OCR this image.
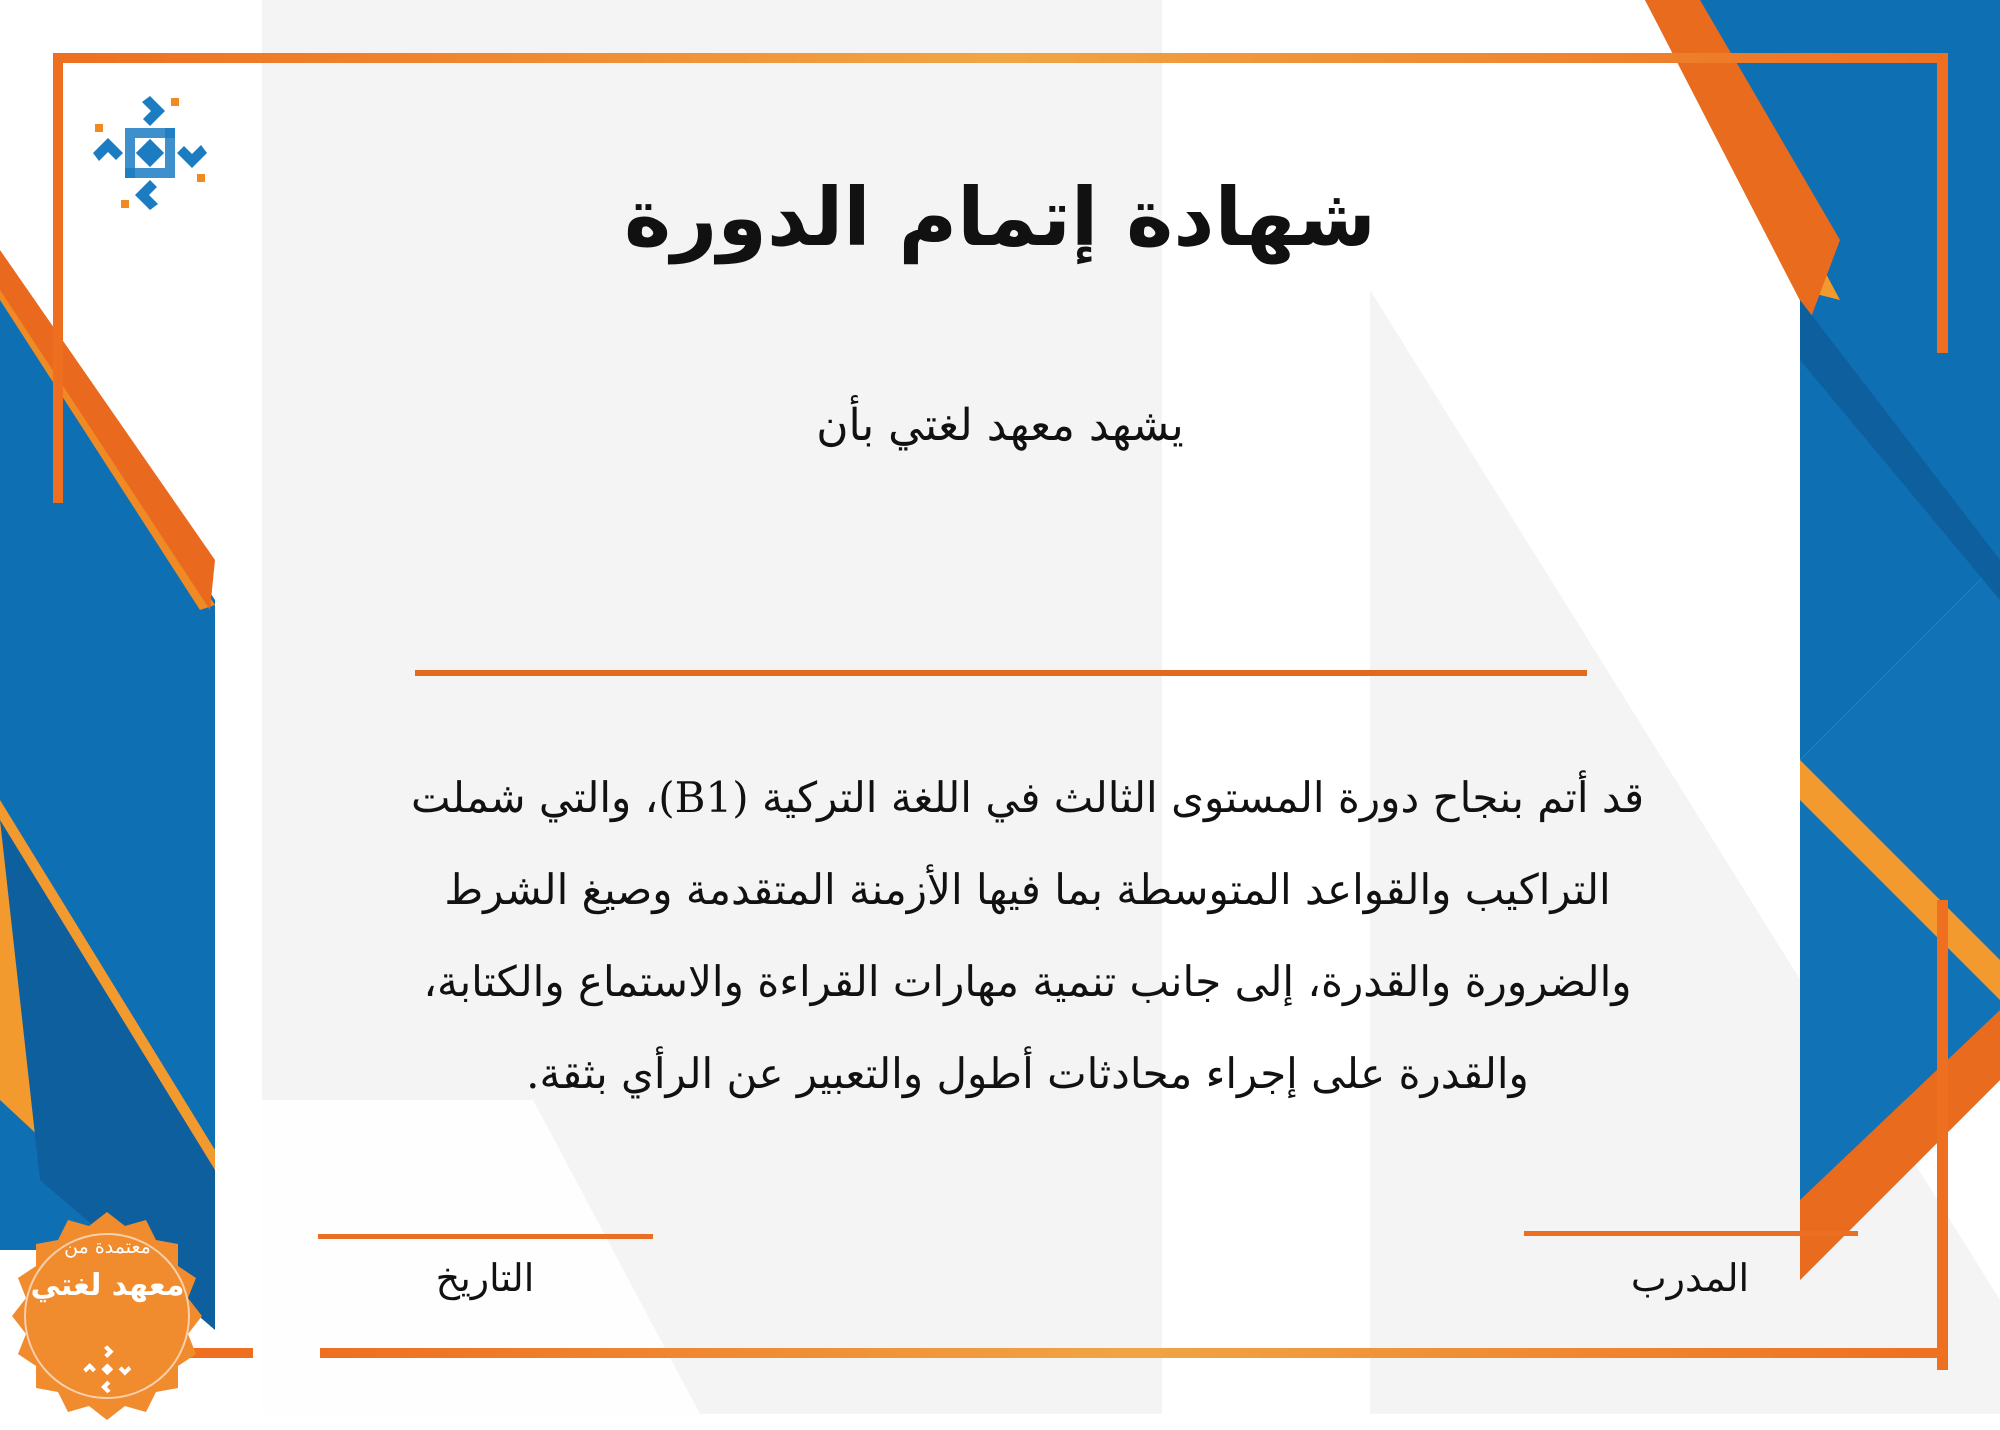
شهادة إتمام الدورة
يشهد معهد لغتي بأن
قد أتم بنجاح دورة المستوى الثالث في اللغة التركية (B1)، والتي شملت التراكيب والقواعد المتوسطة بما فيها الأزمنة المتقدمة وصيغ الشرط والضرورة والقدرة، إلى جانب تنمية مهارات القراءة والاستماع والكتابة، والقدرة على إجراء محادثات أطول والتعبير عن الرأي بثقة.
التاريخ	المدرب
معتمدة من
معهد لغتي
